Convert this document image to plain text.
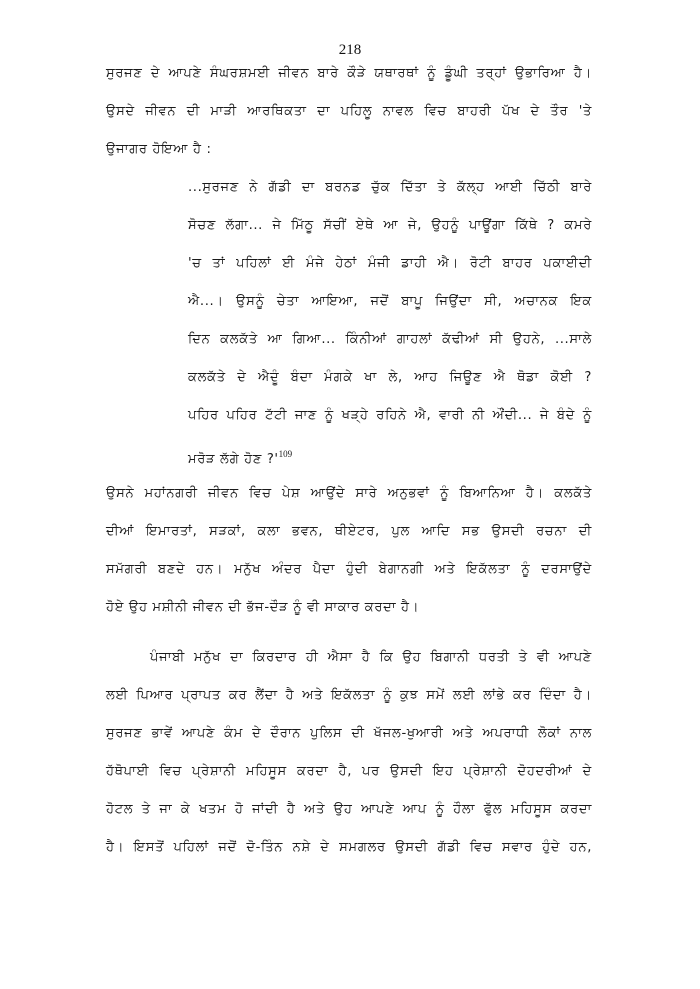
218
ਸੁਰਜਣ ਦੇ ਆਪਣੇ ਸੰਘਰਸ਼ਮਈ ਜੀਵਨ ਬਾਰੇ ਕੌੜੇ ਯਥਾਰਥਾਂ ਨੂੰ ਡੂੰਘੀ ਤਰ੍ਹਾਂ ਉਭਾਰਿਆ ਹੈ।
ਉਸਦੇ ਜੀਵਨ ਦੀ ਮਾੜੀ ਆਰਥਿਕਤਾ ਦਾ ਪਹਿਲੂ ਨਾਵਲ ਵਿਚ ਬਾਹਰੀ ਪੱਖ ਦੇ ਤੌਰ 'ਤੇ
ਉਜਾਗਰ ਹੋਇਆ ਹੈ :
...ਸੁਰਜਣ ਨੇ ਗੱਡੀ ਦਾ ਬਰਨਡ ਚੁੱਕ ਦਿੱਤਾ ਤੇ ਕੱਲ੍ਹ ਆਈ ਚਿੱਠੀ ਬਾਰੇ
ਸੋਚਣ ਲੱਗਾ... ਜੇ ਮਿੱਠੂ ਸੱਚੀਂ ਏਥੇ ਆ ਜੇ, ਉਹਨੂੰ ਪਾਊਂਗਾ ਕਿੱਥੇ ? ਕਮਰੇ
'ਚ ਤਾਂ ਪਹਿਲਾਂ ਈ ਮੰਜੇ ਹੇਠਾਂ ਮੰਜੀ ਡਾਹੀ ਐ। ਰੋਟੀ ਬਾਹਰ ਪਕਾਈਦੀ
ਐ...। ਉਸਨੂੰ ਚੇਤਾ ਆਇਆ, ਜਦੋਂ ਬਾਪੂ ਜਿਉਂਦਾ ਸੀ, ਅਚਾਨਕ ਇਕ
ਦਿਨ ਕਲਕੱਤੇ ਆ ਗਿਆ... ਕਿੰਨੀਆਂ ਗਾਹਲਾਂ ਕੱਢੀਆਂ ਸੀ ਉਹਨੇ, ...ਸਾਲੇ
ਕਲਕੱਤੇ ਦੇ ਐਦੂੰ ਬੰਦਾ ਮੰਗਕੇ ਖਾ ਲੇ, ਆਹ ਜਿਊਣ ਐ ਥੋਡਾ ਕੋਈ ?
ਪਹਿਰ ਪਹਿਰ ਟੱਟੀ ਜਾਣ ਨੂੰ ਖੜ੍ਹੇ ਰਹਿਨੇ ਐ, ਵਾਰੀ ਨੀ ਔਂਦੀ... ਜੇ ਬੰਦੇ ਨੂੰ
ਮਰੋੜ ਲੱਗੇ ਹੋਣ $?'^{109}$
ਉਸਨੇ ਮਹਾਂਨਗਰੀ ਜੀਵਨ ਵਿਚ ਪੇਸ਼ ਆਉਂਦੇ ਸਾਰੇ ਅਨੁਭਵਾਂ ਨੂੰ ਬਿਆਨਿਆ ਹੈ। ਕਲਕੱਤੇ
ਦੀਆਂ ਇਮਾਰਤਾਂ, ਸੜਕਾਂ, ਕਲਾ ਭਵਨ, ਥੀਏਟਰ, ਪੁਲ ਆਦਿ ਸਭ ਉਸਦੀ ਰਚਨਾ ਦੀ
ਸਮੱਗਰੀ ਬਣਦੇ ਹਨ। ਮਨੁੱਖ ਅੰਦਰ ਪੈਦਾ ਹੁੰਦੀ ਬੇਗਾਨਗੀ ਅਤੇ ਇਕੱਲਤਾ ਨੂੰ ਦਰਸਾਉਂਦੇ
ਹੋਏ ਉਹ ਮਸ਼ੀਨੀ ਜੀਵਨ ਦੀ ਭੱਜ-ਦੌੜ ਨੂੰ ਵੀ ਸਾਕਾਰ ਕਰਦਾ ਹੈ।
ਪੰਜਾਬੀ ਮਨੁੱਖ ਦਾ ਕਿਰਦਾਰ ਹੀ ਐਸਾ ਹੈ ਕਿ ਉਹ ਬਿਗਾਨੀ ਧਰਤੀ ਤੇ ਵੀ ਆਪਣੇ
ਲਈ ਪਿਆਰ ਪ੍ਰਾਪਤ ਕਰ ਲੈਂਦਾ ਹੈ ਅਤੇ ਇਕੱਲਤਾ ਨੂੰ ਕੁਝ ਸਮੇਂ ਲਈ ਲਾਂਭੇ ਕਰ ਦਿੰਦਾ ਹੈ।
ਸੁਰਜਣ ਭਾਵੇਂ ਆਪਣੇ ਕੰਮ ਦੇ ਦੌਰਾਨ ਪੁਲਿਸ ਦੀ ਖੱਜਲ-ਖੁਆਰੀ ਅਤੇ ਅਪਰਾਧੀ ਲੋਕਾਂ ਨਾਲ
ਹੱਥੋਪਾਈ ਵਿਚ ਪ੍ਰੇਸ਼ਾਨੀ ਮਹਿਸੂਸ ਕਰਦਾ ਹੈ, ਪਰ ਉਸਦੀ ਇਹ ਪ੍ਰੇਸ਼ਾਨੀ ਦੋਹਦਰੀਆਂ ਦੇ
ਹੋਟਲ ਤੇ ਜਾ ਕੇ ਖਤਮ ਹੋ ਜਾਂਦੀ ਹੈ ਅਤੇ ਉਹ ਆਪਣੇ ਆਪ ਨੂੰ ਹੌਲਾ ਫੁੱਲ ਮਹਿਸੂਸ ਕਰਦਾ
ਹੈ। ਇਸਤੋਂ ਪਹਿਲਾਂ ਜਦੋਂ ਦੋ-ਤਿੰਨ ਨਸ਼ੇ ਦੇ ਸਮਗਲਰ ਉਸਦੀ ਗੱਡੀ ਵਿਚ ਸਵਾਰ ਹੁੰਦੇ ਹਨ,
